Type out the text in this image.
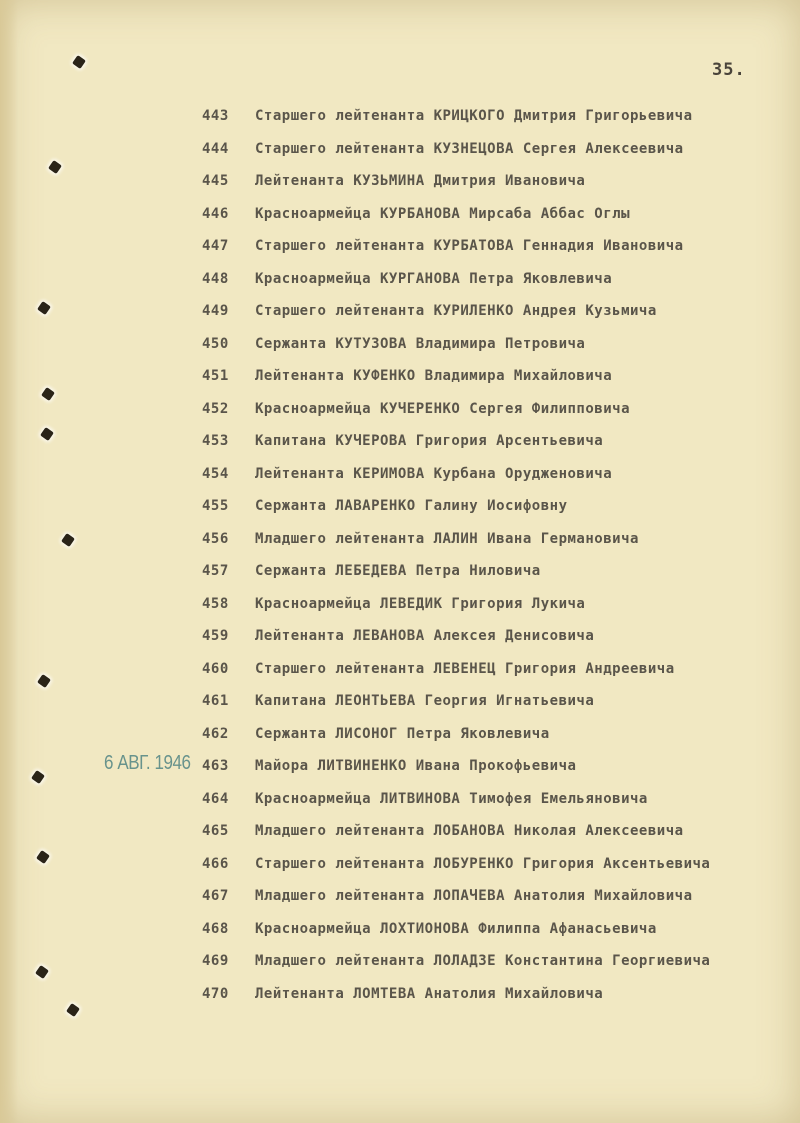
35.
443	Старшего лейтенанта КРИЦКОГО Дмитрия Григорьевича
444	Старшего лейтенанта КУЗНЕЦОВА Сергея Алексеевича
445	Лейтенанта КУЗЬМИНА Дмитрия Ивановича
446	Красноармейца КУРБАНОВА Мирсаба Аббас Оглы
447	Старшего лейтенанта КУРБАТОВА Геннадия Ивановича
448	Красноармейца КУРГАНОВА Петра Яковлевича
449	Старшего лейтенанта КУРИЛЕНКО Андрея Кузьмича
450	Сержанта КУТУЗОВА Владимира Петровича
451	Лейтенанта КУФЕНКО Владимира Михайловича
452	Красноармейца КУЧЕРЕНКО Сергея Филипповича
453	Капитана КУЧЕРОВА Григория Арсентьевича
454	Лейтенанта КЕРИМОВА Курбана Орудженовича
455	Сержанта ЛАВАРЕНКО Галину Иосифовну
456	Младшего лейтенанта ЛАЛИН Ивана Германовича
457	Сержанта ЛЕБЕДЕВА Петра Ниловича
458	Красноармейца ЛЕВЕДИК Григория Лукича
459	Лейтенанта ЛЕВАНОВА Алексея Денисовича
460	Старшего лейтенанта ЛЕВЕНЕЦ Григория Андреевича
461	Капитана ЛЕОНТЬЕВА Георгия Игнатьевича
462	Сержанта ЛИСОНОГ Петра Яковлевича
463	Майора ЛИТВИНЕНКО Ивана Прокофьевича
464	Красноармейца ЛИТВИНОВА Тимофея Емельяновича
465	Младшего лейтенанта ЛОБАНОВА Николая Алексеевича
466	Старшего лейтенанта ЛОБУРЕНКО Григория Аксентьевича
467	Младшего лейтенанта ЛОПАЧЕВА Анатолия Михайловича
468	Красноармейца ЛОХТИОНОВА Филиппа Афанасьевича
469	Младшего лейтенанта ЛОЛАДЗЕ Константина Георгиевича
470	Лейтенанта ЛОМТЕВА Анатолия Михайловича
6 АВГ. 1946
